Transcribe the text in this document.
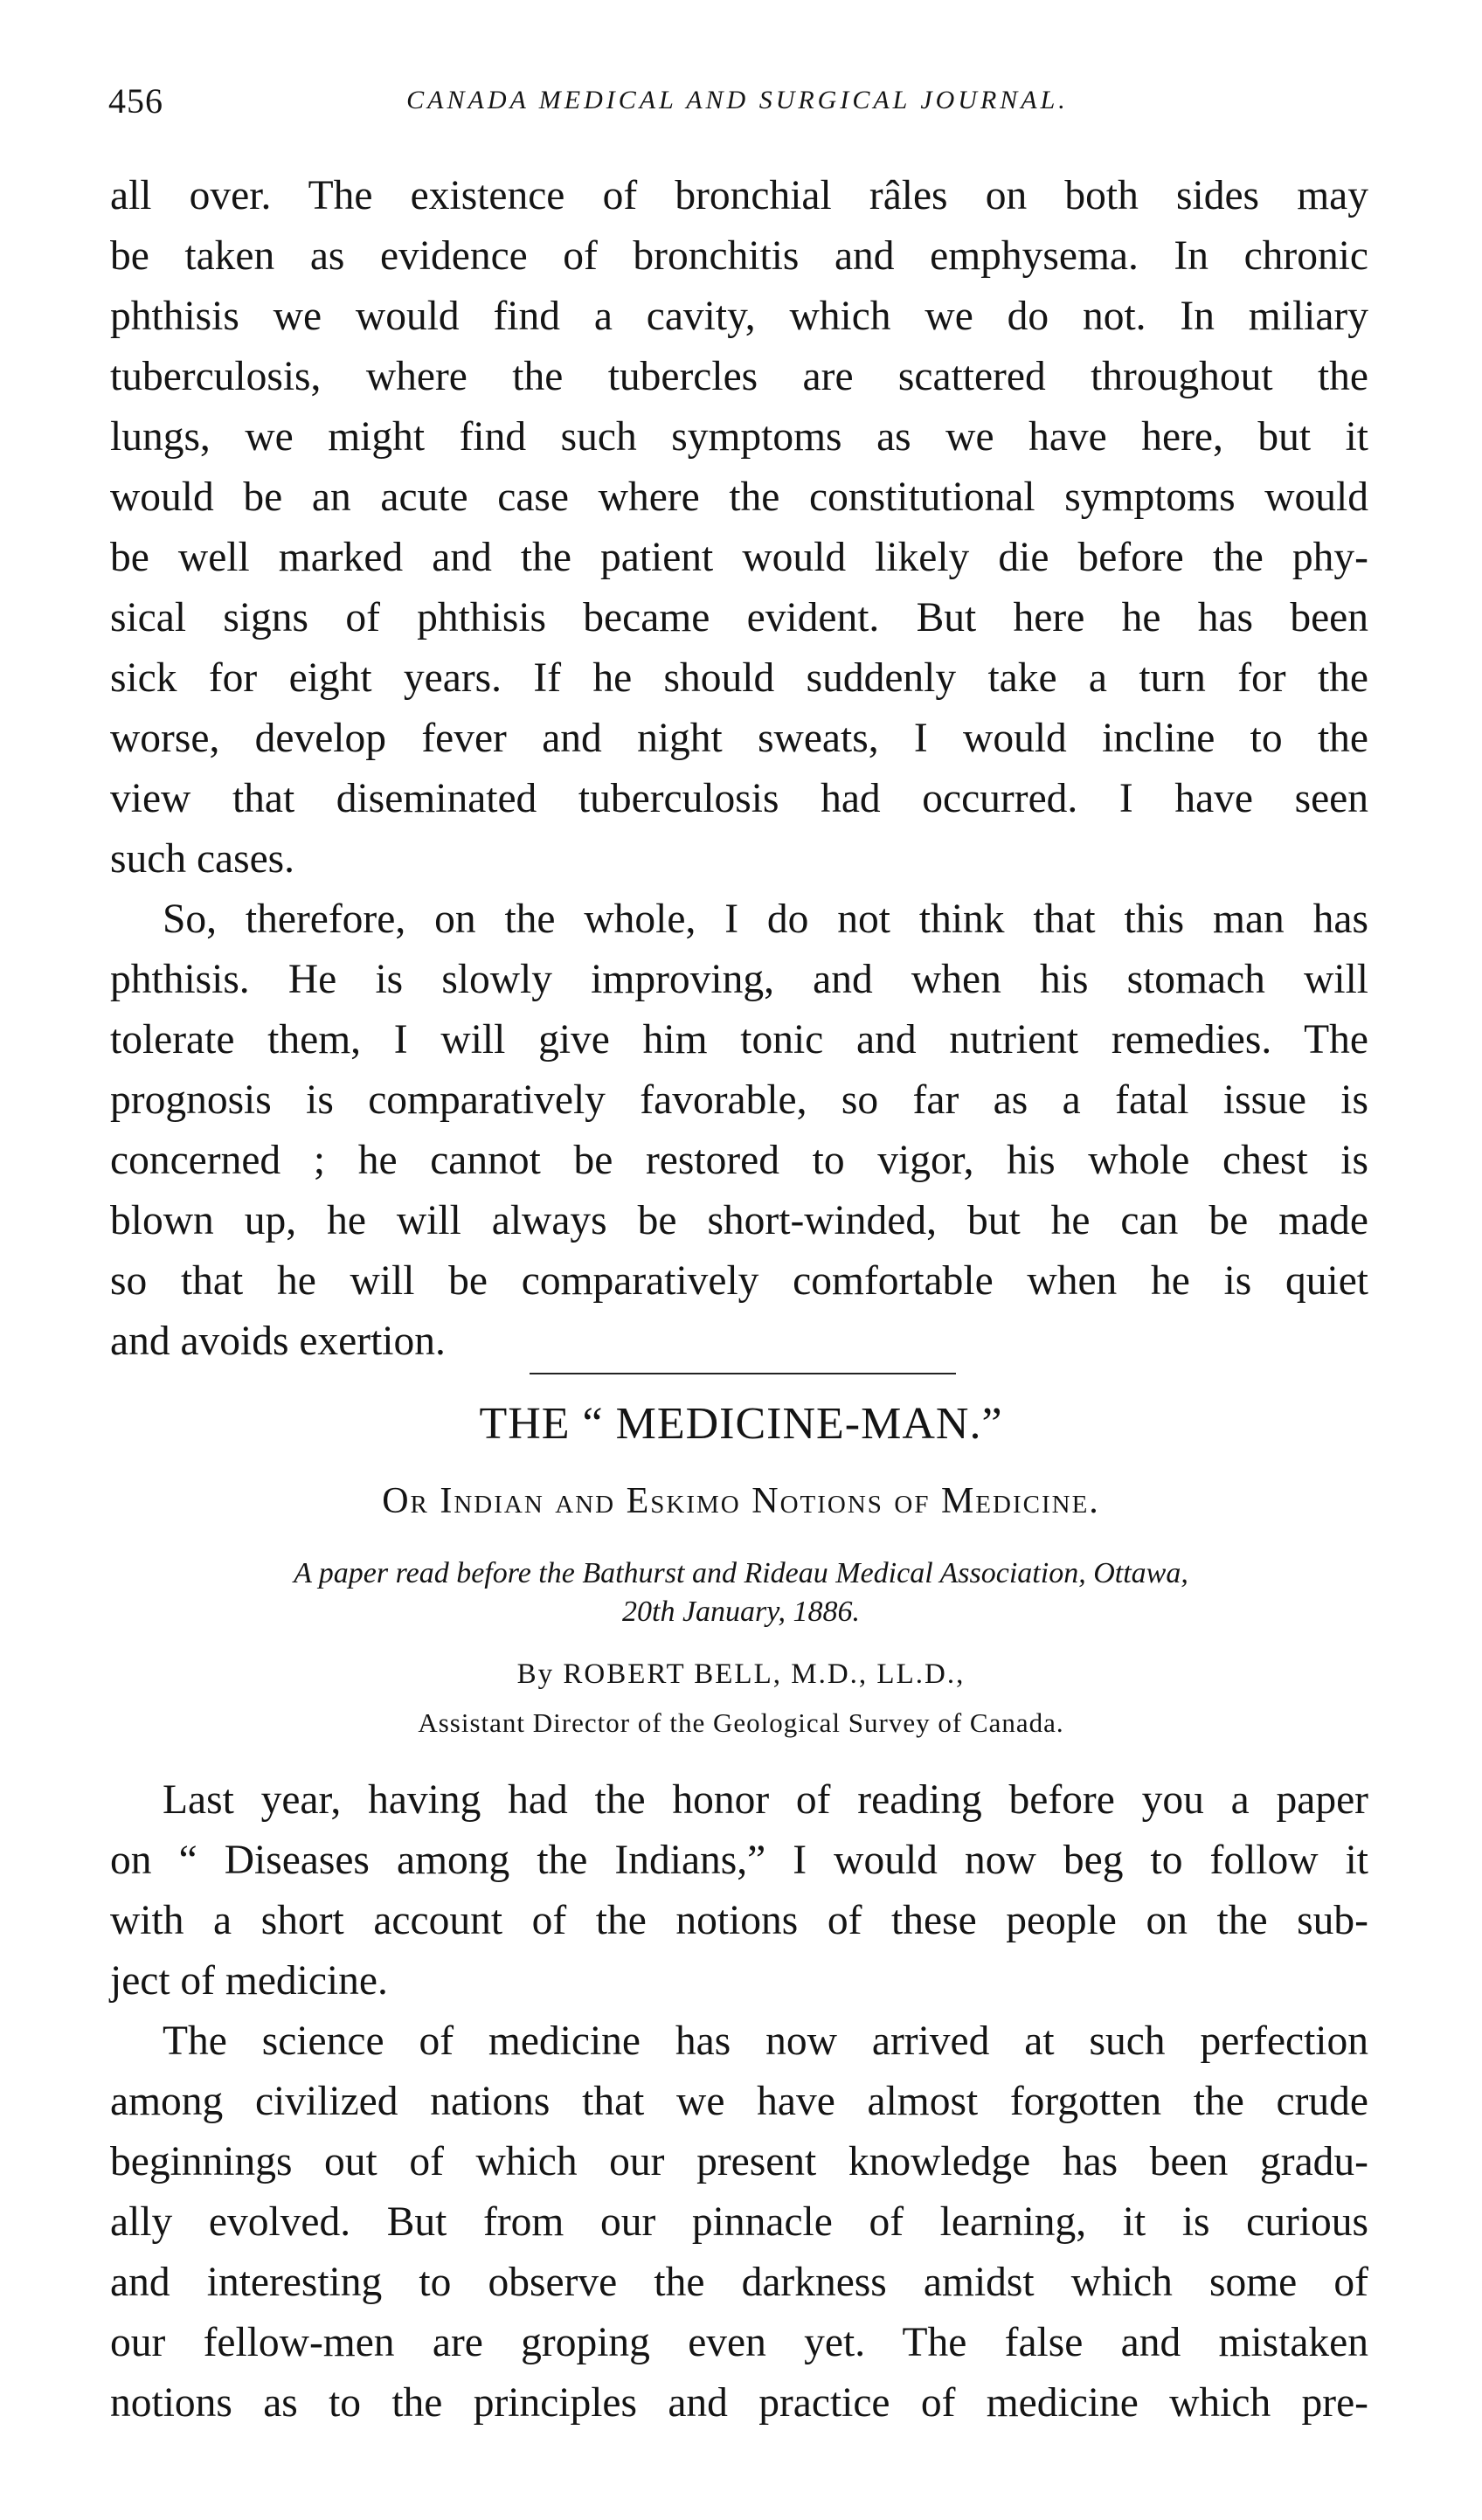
456	CANADA MEDICAL AND SURGICAL JOURNAL.
all over. The existence of bronchial râles on both sides may
be taken as evidence of bronchitis and emphysema. In chronic
phthisis we would find a cavity, which we do not. In miliary
tuberculosis, where the tubercles are scattered throughout the
lungs, we might find such symptoms as we have here, but it
would be an acute case where the constitutional symptoms would
be well marked and the patient would likely die before the phy-
sical signs of phthisis became evident. But here he has been
sick for eight years. If he should suddenly take a turn for the
worse, develop fever and night sweats, I would incline to the
view that diseminated tuberculosis had occurred. I have seen
such cases.
So, therefore, on the whole, I do not think that this man has
phthisis. He is slowly improving, and when his stomach will
tolerate them, I will give him tonic and nutrient remedies. The
prognosis is comparatively favorable, so far as a fatal issue is
concerned ; he cannot be restored to vigor, his whole chest is
blown up, he will always be short-winded, but he can be made
so that he will be comparatively comfortable when he is quiet
and avoids exertion.
THE “ MEDICINE-MAN.”
Or Indian and Eskimo Notions of Medicine.
A paper read before the Bathurst and Rideau Medical Association, Ottawa,
20th January, 1886.
By ROBERT BELL, M.D., LL.D.,
Assistant Director of the Geological Survey of Canada.
Last year, having had the honor of reading before you a paper
on “ Diseases among the Indians,” I would now beg to follow it
with a short account of the notions of these people on the sub-
ject of medicine.
The science of medicine has now arrived at such perfection
among civilized nations that we have almost forgotten the crude
beginnings out of which our present knowledge has been gradu-
ally evolved. But from our pinnacle of learning, it is curious
and interesting to observe the darkness amidst which some of
our fellow-men are groping even yet. The false and mistaken
notions as to the principles and practice of medicine which pre-
